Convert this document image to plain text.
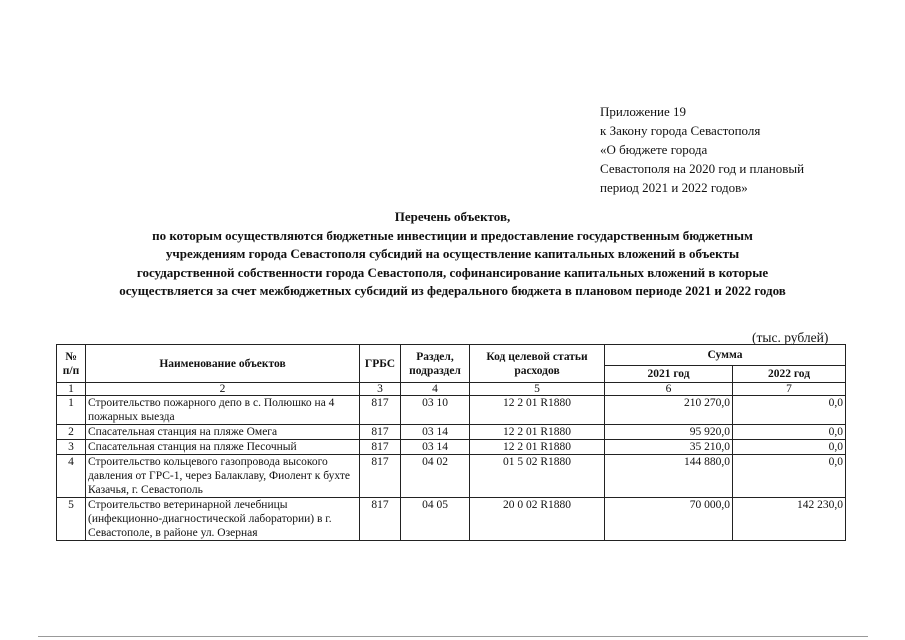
Приложение 19
к Закону города Севастополя
«О бюджете города
Севастополя на 2020 год и плановый
период 2021 и 2022 годов»
Перечень объектов,
по которым осуществляются бюджетные инвестиции и предоставление государственным бюджетным
учреждениям города Севастополя субсидий на осуществление капитальных вложений в объекты
государственной собственности города Севастополя, софинансирование капитальных вложений в которые
осуществляется за счет межбюджетных субсидий из федерального бюджета в плановом периоде 2021 и 2022 годов
(тыс. рублей)
№ п/п	Наименование объектов	ГРБС	Раздел, подраздел	Код целевой статьи расходов	Сумма	
					2021 год	2022 год
1	2	3	4	5	6	7
1	Строительство пожарного депо в с. Полюшко на 4 пожарных выезда	817	03 10	12 2 01 R1880	210 270,0	0,0
2	Спасательная станция на пляже Омега	817	03 14	12 2 01 R1880	95 920,0	0,0
3	Спасательная станция на пляже Песочный	817	03 14	12 2 01 R1880	35 210,0	0,0
4	Строительство кольцевого газопровода высокого давления от ГРС-1, через Балаклаву, Фиолент к бухте Казачья, г. Севастополь	817	04 02	01 5 02 R1880	144 880,0	0,0
5	Строительство ветеринарной лечебницы (инфекционно-диагностической лаборатории) в г. Севастополе, в районе ул. Озерная	817	04 05	20 0 02 R1880	70 000,0	142 230,0
